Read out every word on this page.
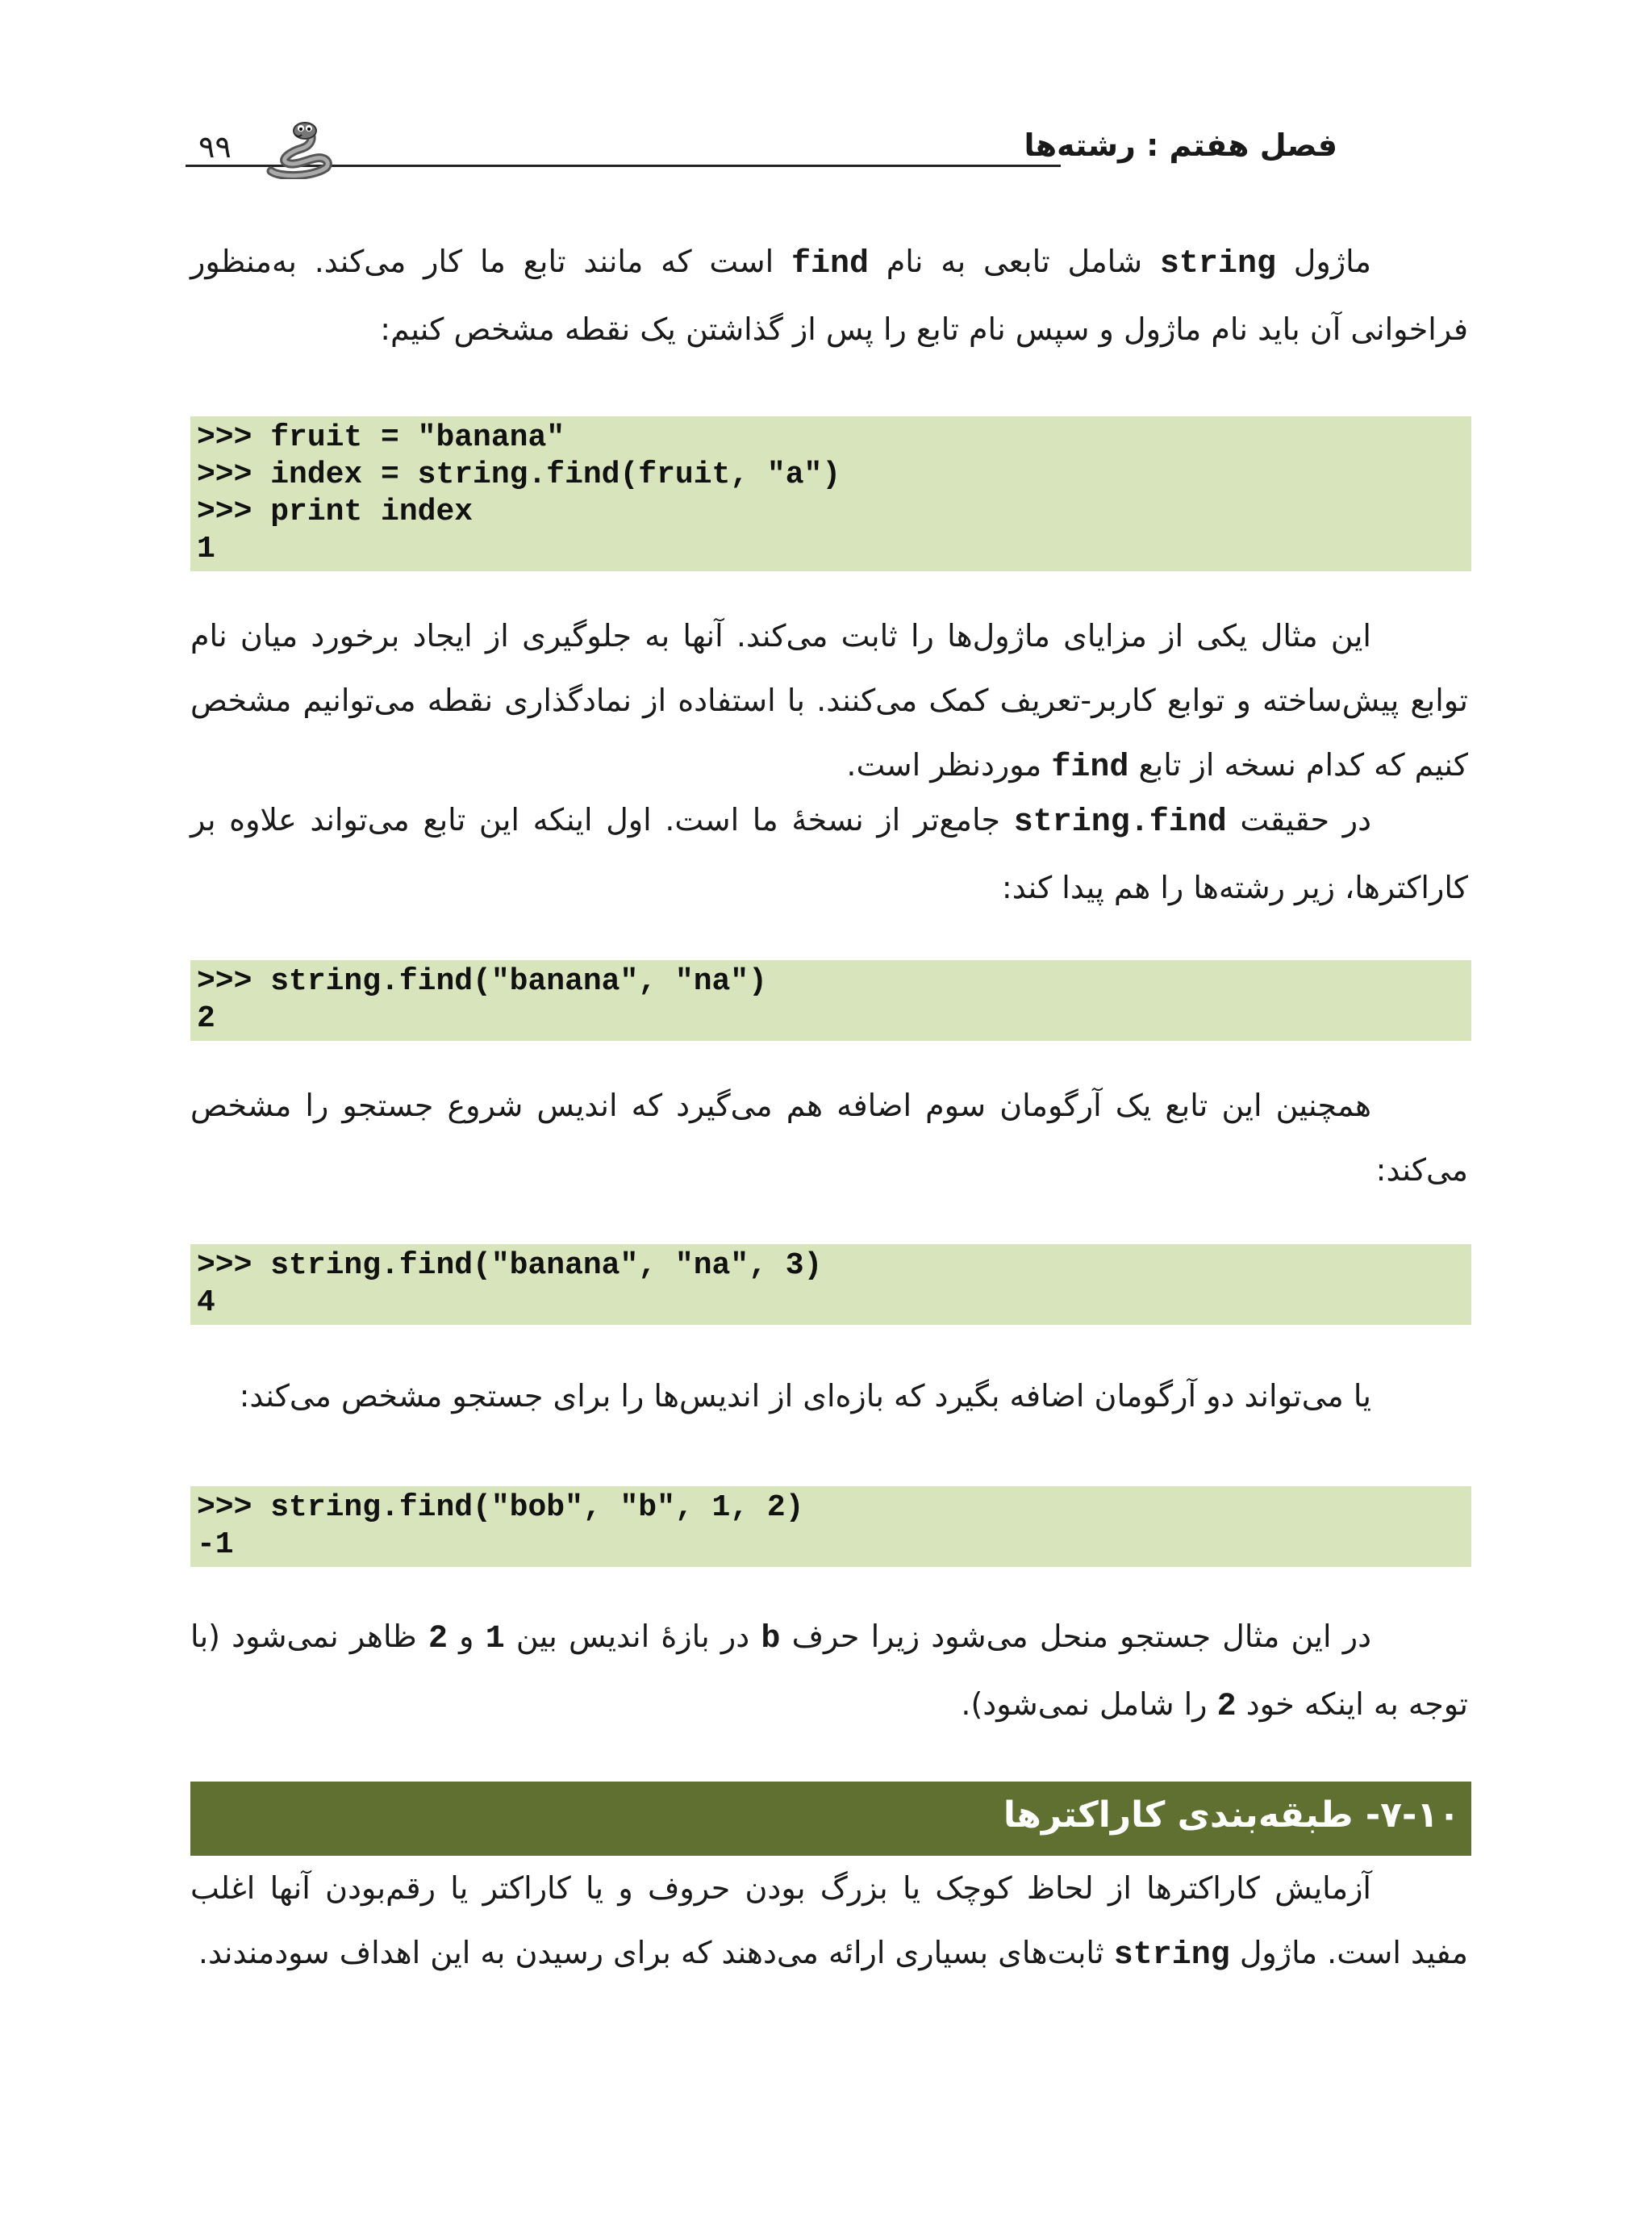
فصل هفتم : رشته‌ها
۹۹

ماژول string شامل تابعی به نام find است که مانند تابع ما کار می‌کند. به‌منظور
فراخوانی آن باید نام ماژول و سپس نام تابع را پس از گذاشتن یک نقطه مشخص کنیم:

>>> fruit = "banana"
>>> index = string.find(fruit, "a")
>>> print index
1

این مثال یکی از مزایای ماژول‌ها را ثابت می‌کند. آنها به جلوگیری از ایجاد برخورد میان نام
توابع پیش‌ساخته و توابع کاربر-تعریف کمک می‌کنند. با استفاده از نمادگذاری نقطه می‌توانیم مشخص
کنیم که کدام نسخه از تابع find موردنظر است.

در حقیقت string.find جامع‌تر از نسخهٔ ما است. اول اینکه این تابع می‌تواند علاوه بر
کاراکترها، زیر رشته‌ها را هم پیدا کند:

>>> string.find("banana", "na")
2

همچنین این تابع یک آرگومان سوم اضافه هم می‌گیرد که اندیس شروع جستجو را مشخص
می‌کند:

>>> string.find("banana", "na", 3)
4

یا می‌تواند دو آرگومان اضافه بگیرد که بازه‌ای از اندیس‌ها را برای جستجو مشخص می‌کند:

>>> string.find("bob", "b", 1, 2)
-1

در این مثال جستجو منحل می‌شود زیرا حرف b در بازهٔ اندیس بین 1 و 2 ظاهر نمی‌شود (با
توجه به اینکه خود 2 را شامل نمی‌شود).

۷-۱۰- طبقه‌بندی کاراکترها

آزمایش کاراکترها از لحاظ کوچک یا بزرگ بودن حروف و یا کاراکتر یا رقم‌بودن آنها اغلب
مفید است. ماژول string ثابت‌های بسیاری ارائه می‌دهند که برای رسیدن به این اهداف سودمندند.
